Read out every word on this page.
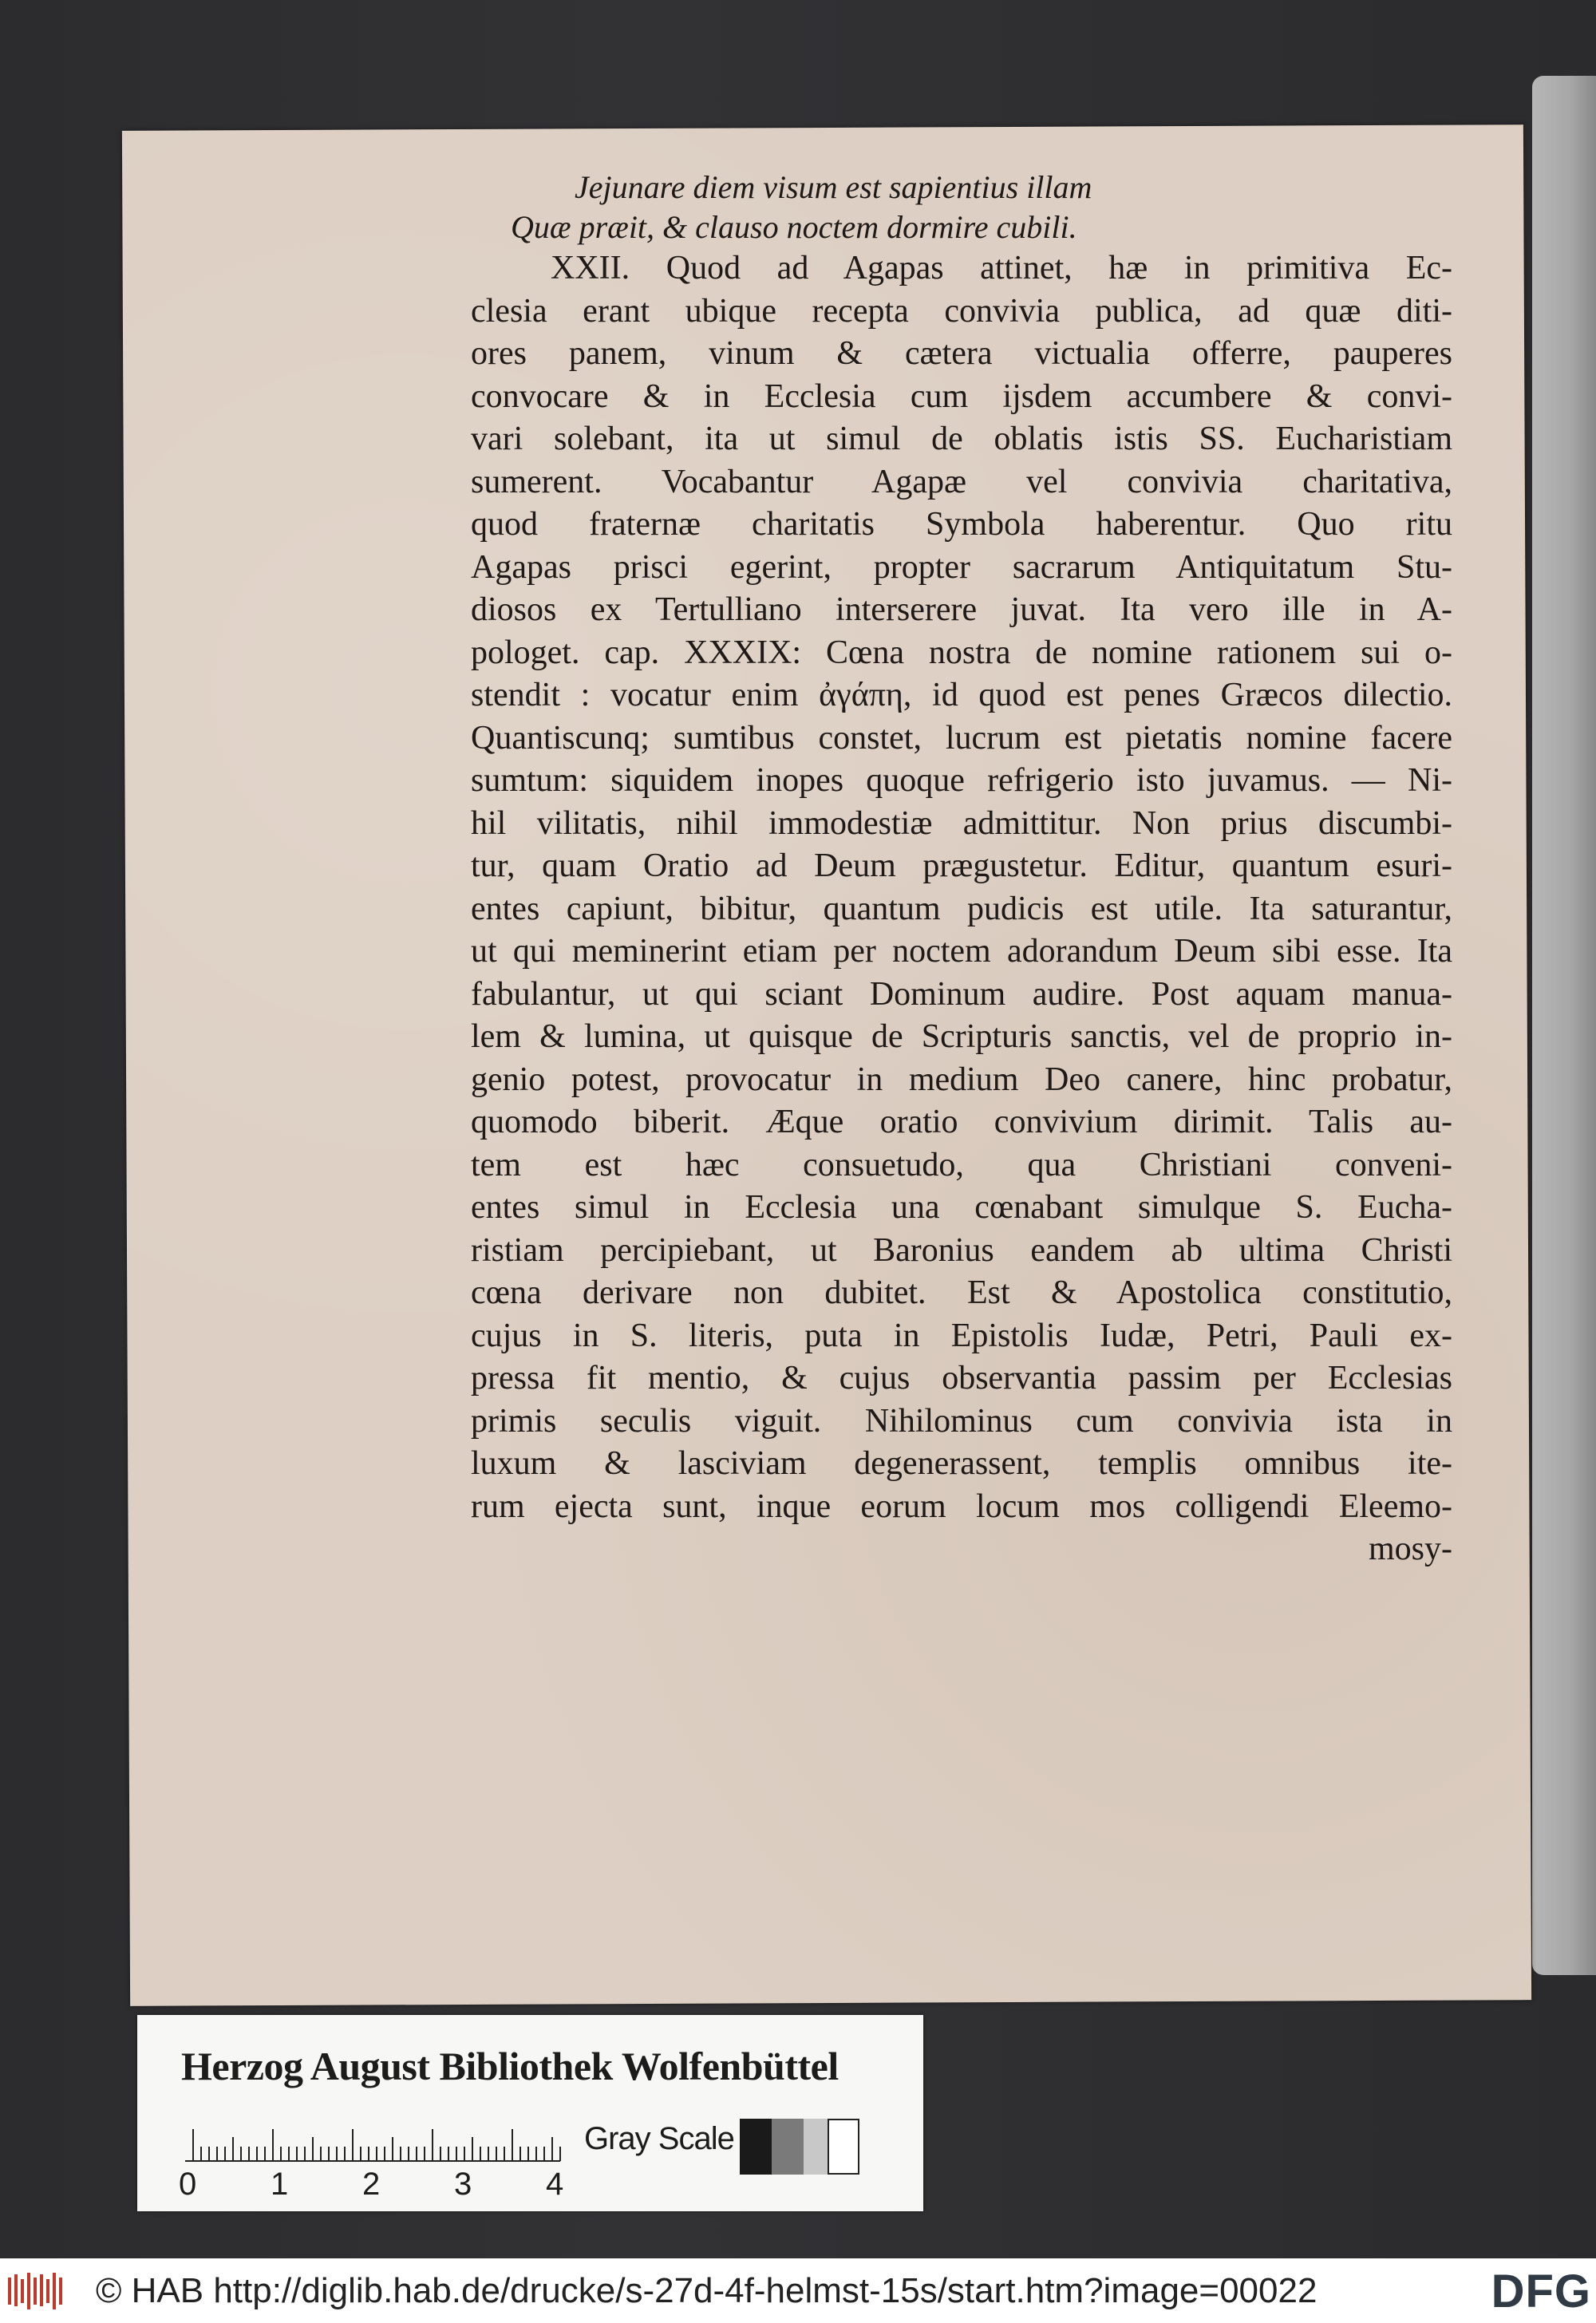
Jejunare diem visum est sapientius illam

Quæ præit, & clauso noctem dormire cubili.

XXII. Quod ad Agapas attinet, hæ in primitiva Ec-

clesia erant ubique recepta convivia publica, ad quæ diti-

ores panem, vinum & cætera victualia offerre, pauperes

convocare & in Ecclesia cum ijsdem accumbere & convi-

vari solebant, ita ut simul de oblatis istis SS. Eucharistiam

sumerent. Vocabantur Agapæ vel convivia charitativa,

quod fraternæ charitatis Symbola haberentur. Quo ritu

Agapas prisci egerint, propter sacrarum Antiquitatum Stu-

diosos ex Tertulliano interserere juvat. Ita vero ille in A-

pologet. cap. XXXIX: Cœna nostra de nomine rationem sui o-

stendit : vocatur enim ἀγάπη, id quod est penes Græcos dilectio.

Quantiscunq; sumtibus constet, lucrum est pietatis nomine facere

sumtum: siquidem inopes quoque refrigerio isto juvamus. — Ni-

hil vilitatis, nihil immodestiæ admittitur. Non prius discumbi-

tur, quam Oratio ad Deum prægustetur. Editur, quantum esuri-

entes capiunt, bibitur, quantum pudicis est utile. Ita saturantur,

ut qui meminerint etiam per noctem adorandum Deum sibi esse. Ita

fabulantur, ut qui sciant Dominum audire. Post aquam manua-

lem & lumina, ut quisque de Scripturis sanctis, vel de proprio in-

genio potest, provocatur in medium Deo canere, hinc probatur,

quomodo biberit. Æque oratio convivium dirimit. Talis au-

tem est hæc consuetudo, qua Christiani conveni-

entes simul in Ecclesia una cœnabant simulque S. Eucha-

ristiam percipiebant, ut Baronius eandem ab ultima Christi

cœna derivare non dubitet. Est & Apostolica constitutio,

cujus in S. literis, puta in Epistolis Iudæ, Petri, Pauli ex-

pressa fit mentio, & cujus observantia passim per Ecclesias

primis seculis viguit. Nihilominus cum convivia ista in

luxum & lasciviam degenerassent, templis omnibus ite-

rum ejecta sunt, inque eorum locum mos colligendi Eleemo-

mosy-

Herzog August Bibliothek Wolfenbüttel
0 1 2 3 4
Gray Scale
© HAB http://diglib.hab.de/drucke/s-27d-4f-helmst-15s/start.htm?image=00022	DFG
